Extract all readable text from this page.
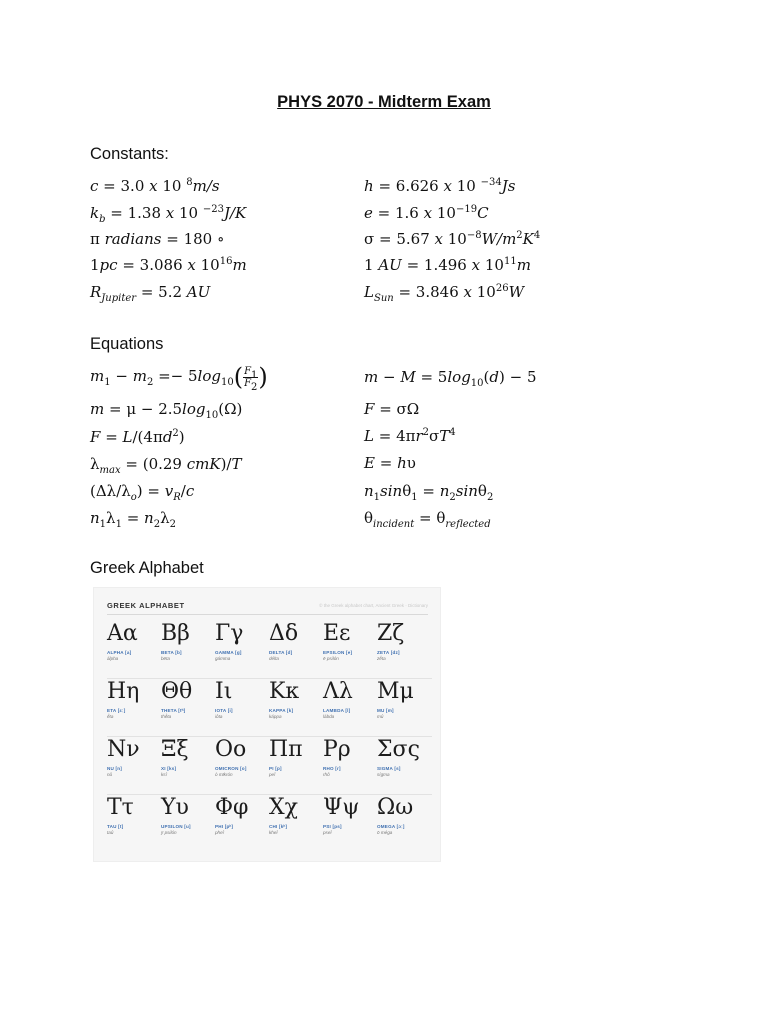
PHYS 2070 - Midterm Exam
Constants:
c = 3.0 x 10 $^8$m/s
$k_b = 1.38$ x 10 $^{-23}$J/K
π radians = 180 ∘
1pc = 3.086 x $10^{16}m$
$R_{Jupiter} = 5.2$ AU
h = 6.626 x 10 $^{-34}$Js
e = 1.6 x $10^{-19}C$
σ = 5.67 x $10^{-8}W/m^2K^4$
1 AU = 1.496 x $10^{11}m$
$L_{Sun} = 3.846$ x $10^{26}W$
Equations
$m_1 - m_2 =- 5\log_{10}( \frac{F_1}{F_2}$ )
$m = \mu - 2.5\log_{10}(\Omega)$
$F = L/(4\pi d^2)$
$\lambda_{max} = (0.29$ cmK)/T
$(\Delta\lambda/\lambda_o) = v_R/c$
$n_1\lambda_1 = n_2\lambda_2$
$m - M = 5\log_{10}(d) - 5$
F = σΩ
$L = 4\pi r^2\sigma T^4$
E = hυ
$n_1\sin\theta_1 = n_2\sin\theta_2$
$\theta_{incident} = \theta_{reflected}$
Greek Alphabet
GREEK ALPHABET	© the Greek alphabet chart, Ancient Greek · Dictionary
Αα
ALPHA [a]
álpha
Ββ
BETA [b]
bēta
Γγ
GAMMA [g]
gámma
Δδ
DELTA [d]
délta
Εε
EPSILON [e]
ē psilón
Ζζ
ZETA [dz]
zē̂ta
Ηη
ETA [ɛː]
ē̂ta
Θθ
THETA [tʰ]
thē̂ta
Ιι
IOTA [i]
iôta
Κκ
KAPPA [k]
káppa
Λλ
LAMBDA [l]
lábda
Μμ
MU [m]
mû
Νν
NU [n]
nû
Ξξ
XI [ks]
ksî
Οο
OMICRON [o]
ò mīkrón
Ππ
PI [p]
peî
Ρρ
RHO [r]
rhô
Σσς
SIGMA [s]
sígma
Ττ
TAU [t]
taû
Υυ
UPSILON [u]
ȳ psilón
Φφ
PHI [pʰ]
pheî
Χχ
CHI [kʰ]
kheî
Ψψ
PSI [ps]
pseî
Ωω
OMEGA [ɔː]
ō méga
